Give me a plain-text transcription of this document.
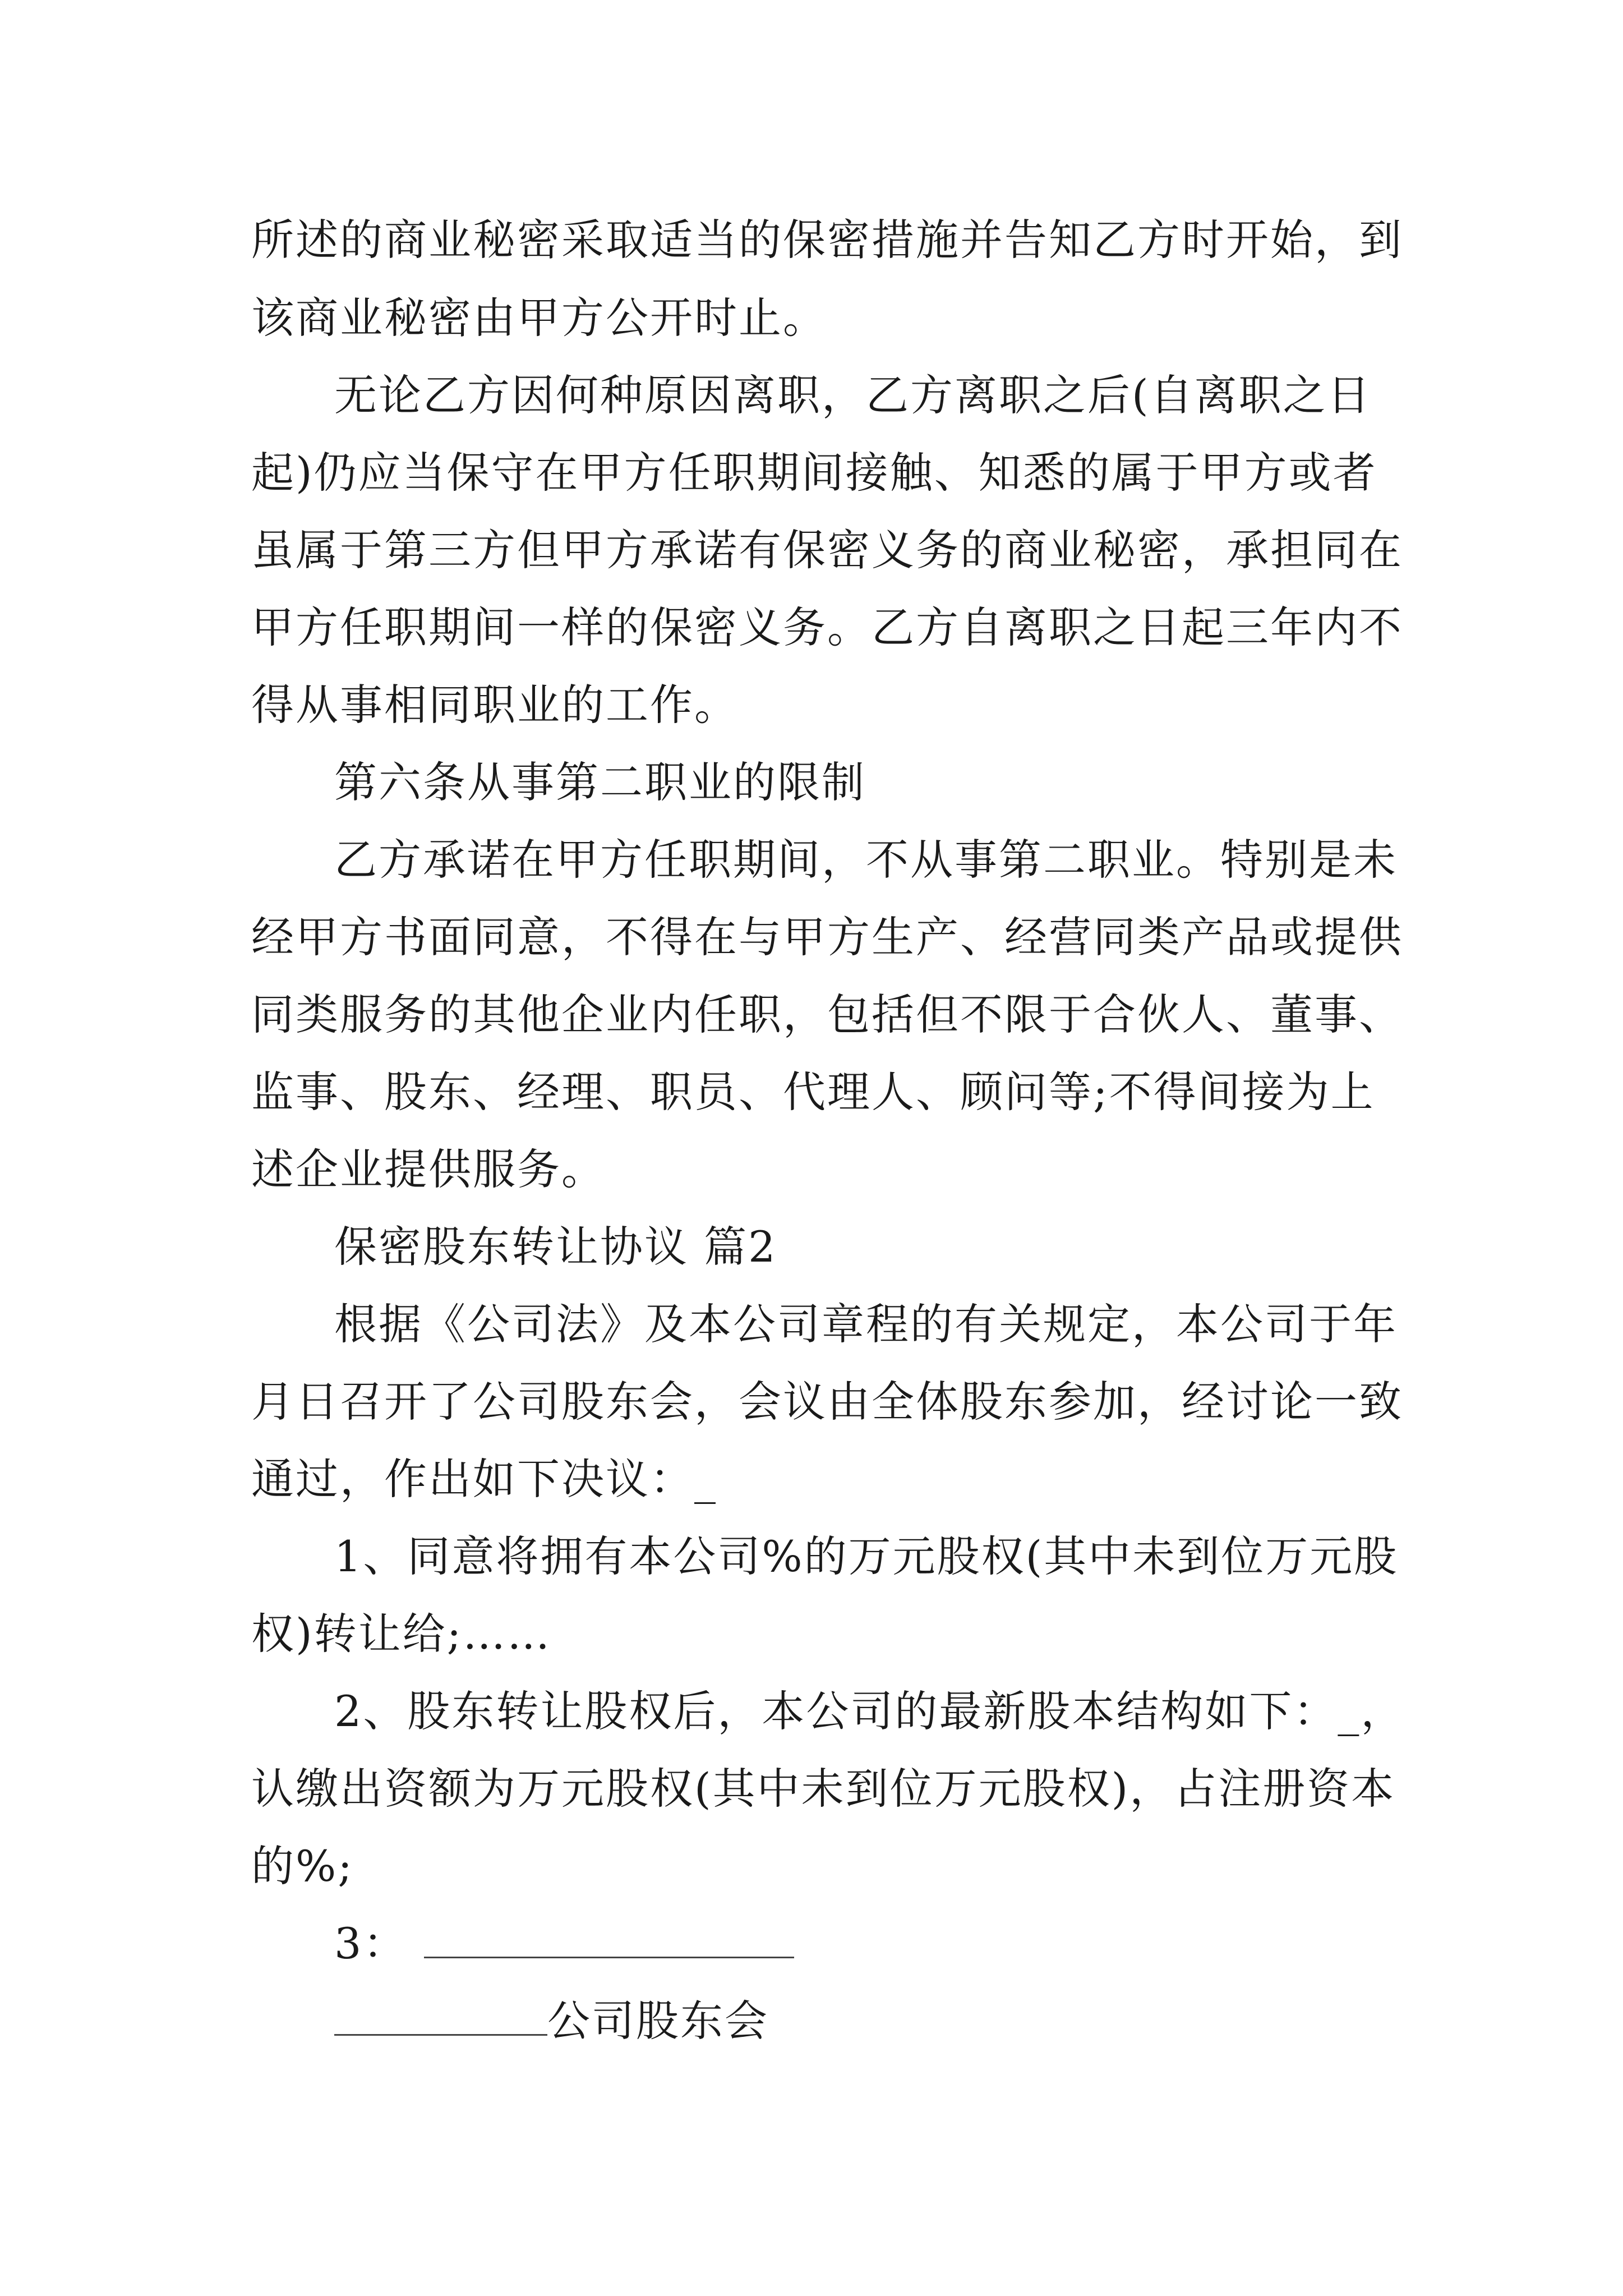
所述的商业秘密采取适当的保密措施并告知乙方时开始，到
该商业秘密由甲方公开时止。
无论乙方因何种原因离职，乙方离职之后(自离职之日
起)仍应当保守在甲方任职期间接触、知悉的属于甲方或者
虽属于第三方但甲方承诺有保密义务的商业秘密，承担同在
甲方任职期间一样的保密义务。乙方自离职之日起三年内不
得从事相同职业的工作。
第六条从事第二职业的限制
乙方承诺在甲方任职期间，不从事第二职业。特别是未
经甲方书面同意，不得在与甲方生产、经营同类产品或提供
同类服务的其他企业内任职，包括但不限于合伙人、董事、
监事、股东、经理、职员、代理人、顾问等;不得间接为上
述企业提供服务。
保密股东转让协议 篇2
根据《公司法》及本公司章程的有关规定，本公司于年
月日召开了公司股东会，会议由全体股东参加，经讨论一致
通过，作出如下决议：_
1、同意将拥有本公司%的万元股权(其中未到位万元股
权)转让给;……
2、股东转让股权后，本公司的最新股本结构如下：_，
认缴出资额为万元股权(其中未到位万元股权)，占注册资本
的%;
3：
公司股东会
